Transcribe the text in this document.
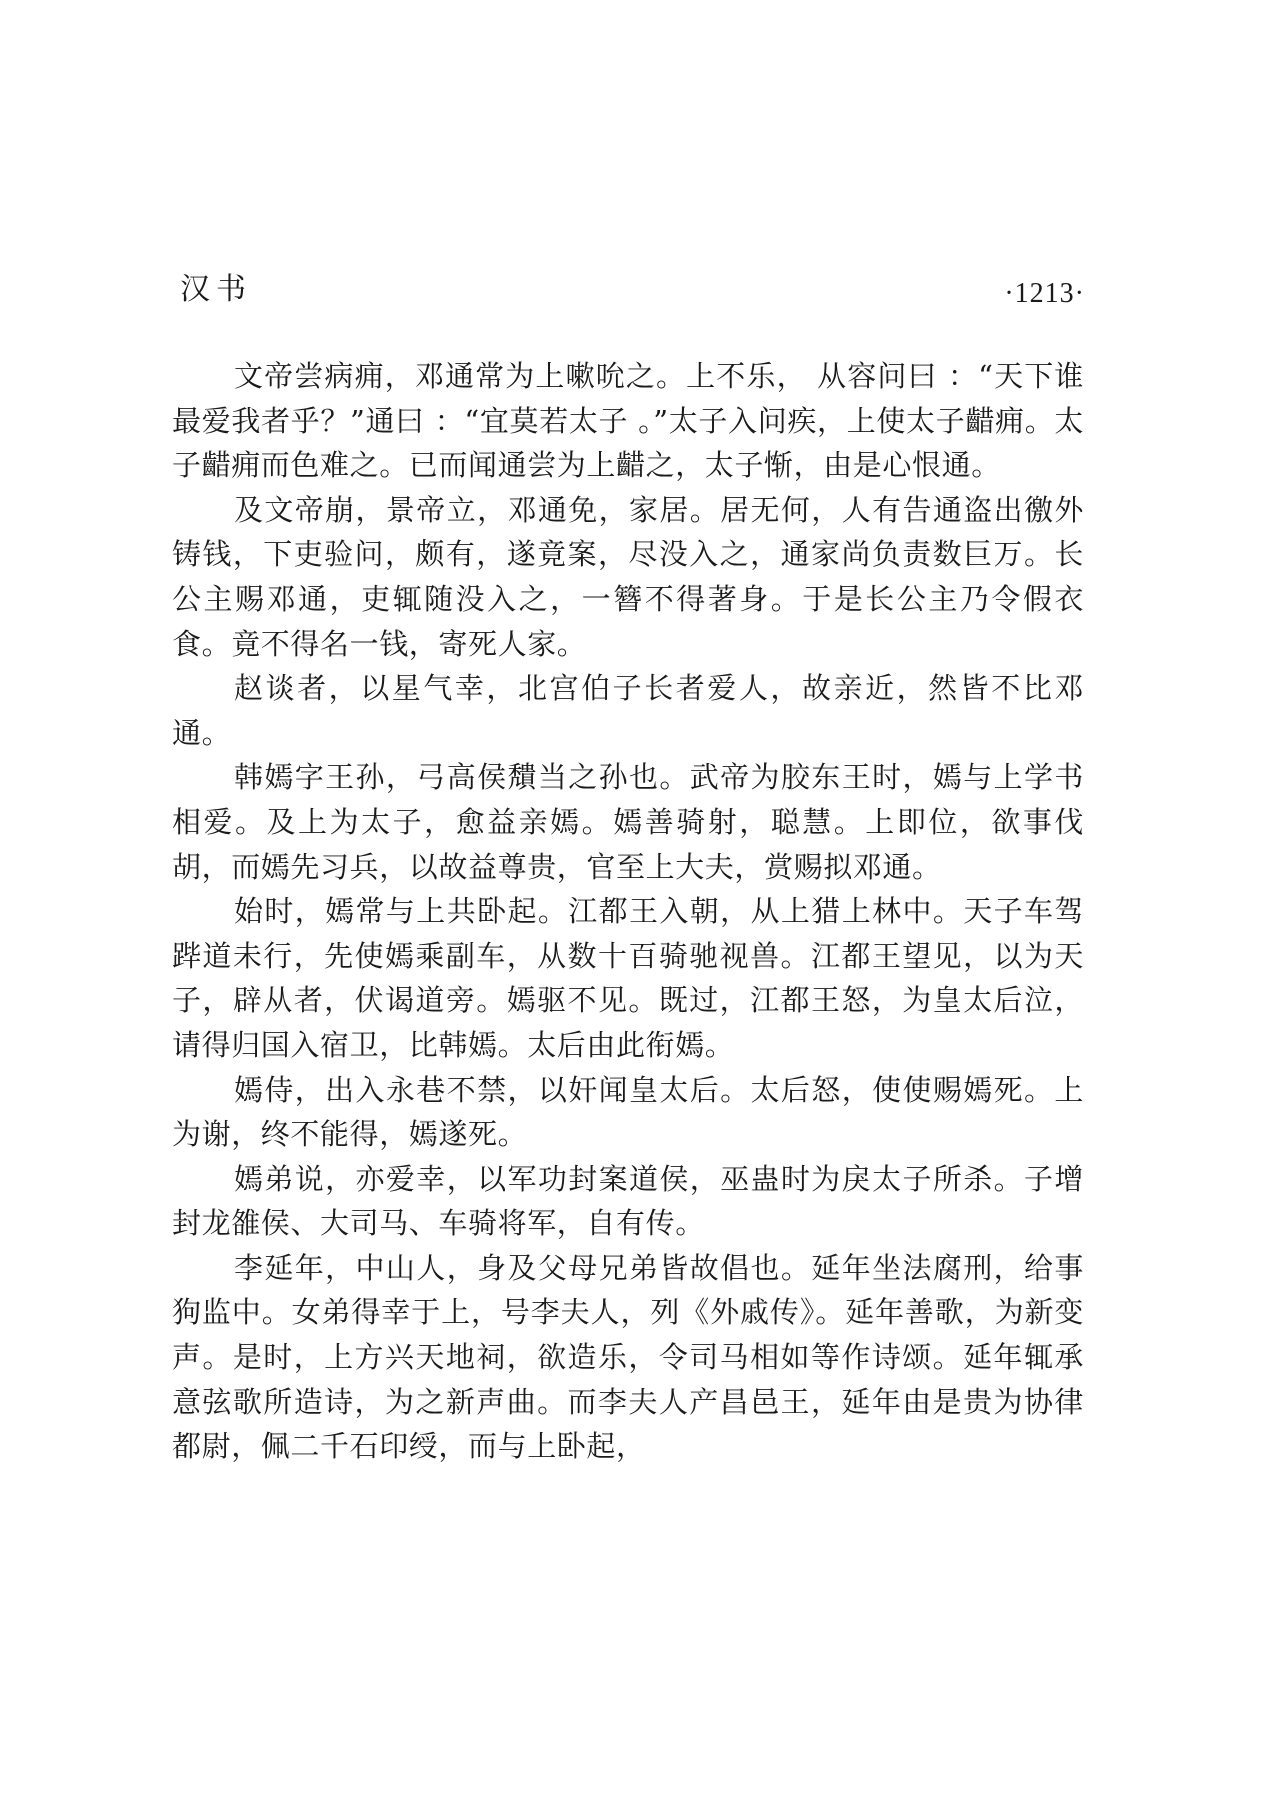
汉书	·1213·

文帝尝病痈，邓通常为上嗽吮之。上不乐， 从容问曰 ：“天下谁最爱我者乎？”通曰 ：“宜莫若太子 。”太子入问疾，上使太子齰痈。太子齰痈而色难之。已而闻通尝为上齰之，太子惭，由是心恨通。

及文帝崩，景帝立，邓通免，家居。居无何，人有告通盗出徼外铸钱，下吏验问，颇有，遂竟案，尽没入之，通家尚负责数巨万。长公主赐邓通，吏辄随没入之，一簪不得著身。于是长公主乃令假衣食。竟不得名一钱，寄死人家。

赵谈者，以星气幸，北宫伯子长者爱人，故亲近，然皆不比邓通。

韩嫣字王孙，弓高侯穨当之孙也。武帝为胶东王时，嫣与上学书相爱。及上为太子，愈益亲嫣。嫣善骑射，聪慧。上即位，欲事伐胡，而嫣先习兵，以故益尊贵，官至上大夫，赏赐拟邓通。

始时，嫣常与上共卧起。江都王入朝，从上猎上林中。天子车驾跸道未行，先使嫣乘副车，从数十百骑驰视兽。江都王望见，以为天子，辟从者，伏谒道旁。嫣驱不见。既过，江都王怒，为皇太后泣，请得归国入宿卫，比韩嫣。太后由此衔嫣。

嫣侍，出入永巷不禁，以奸闻皇太后。太后怒，使使赐嫣死。上为谢，终不能得，嫣遂死。

嫣弟说，亦爱幸，以军功封案道侯，巫蛊时为戾太子所杀。子增封龙雒侯、大司马、车骑将军，自有传。

李延年，中山人，身及父母兄弟皆故倡也。延年坐法腐刑，给事狗监中。女弟得幸于上，号李夫人，列《外戚传》。延年善歌，为新变声。是时，上方兴天地祠，欲造乐，令司马相如等作诗颂。延年辄承意弦歌所造诗，为之新声曲。而李夫人产昌邑王，延年由是贵为协律都尉，佩二千石印绶，而与上卧起，
